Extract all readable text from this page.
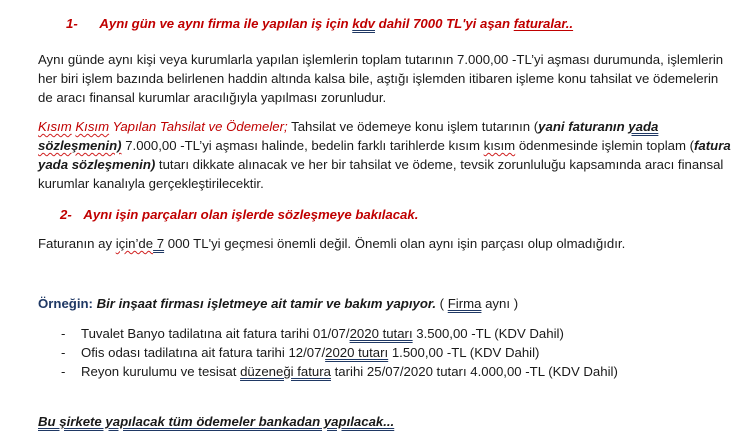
1- Aynı gün ve aynı firma ile yapılan iş için kdv dahil 7000 TL'yi aşan faturalar..
Aynı günde aynı kişi veya kurumlarla yapılan işlemlerin toplam tutarının 7.000,00 -TL’yi aşması durumunda, işlemlerin
her biri işlem bazında belirlenen haddin altında kalsa bile, aştığı işlemden itibaren işleme konu tahsilat ve ödemelerin
de aracı finansal kurumlar aracılığıyla yapılması zorunludur.
Kısım Kısım Yapılan Tahsilat ve Ödemeler; Tahsilat ve ödemeye konu işlem tutarının (yani faturanın yada
sözleşmenin) 7.000,00 -TL’yi aşması halinde, bedelin farklı tarihlerde kısım kısım ödenmesinde işlemin toplam (fatura
yada sözleşmenin) tutarı dikkate alınacak ve her bir tahsilat ve ödeme, tevsik zorunluluğu kapsamında aracı finansal
kurumlar kanalıyla gerçekleştirilecektir.
2- Aynı işin parçaları olan işlerde sözleşmeye bakılacak.
Faturanın ay için’de 7 000 TL'yi geçmesi önemli değil. Önemli olan aynı işin parçası olup olmadığıdır.
Örneğin: Bir inşaat firması işletmeye ait tamir ve bakım yapıyor. ( Firma aynı )
- Tuvalet Banyo tadilatına ait fatura tarihi 01/07/2020 tutarı 3.500,00 -TL (KDV Dahil)
- Ofis odası tadilatına ait fatura tarihi 12/07/2020 tutarı 1.500,00 -TL (KDV Dahil)
- Reyon kurulumu ve tesisat düzeneği fatura tarihi 25/07/2020 tutarı 4.000,00 -TL (KDV Dahil)
Bu şirkete yapılacak tüm ödemeler bankadan yapılacak...
